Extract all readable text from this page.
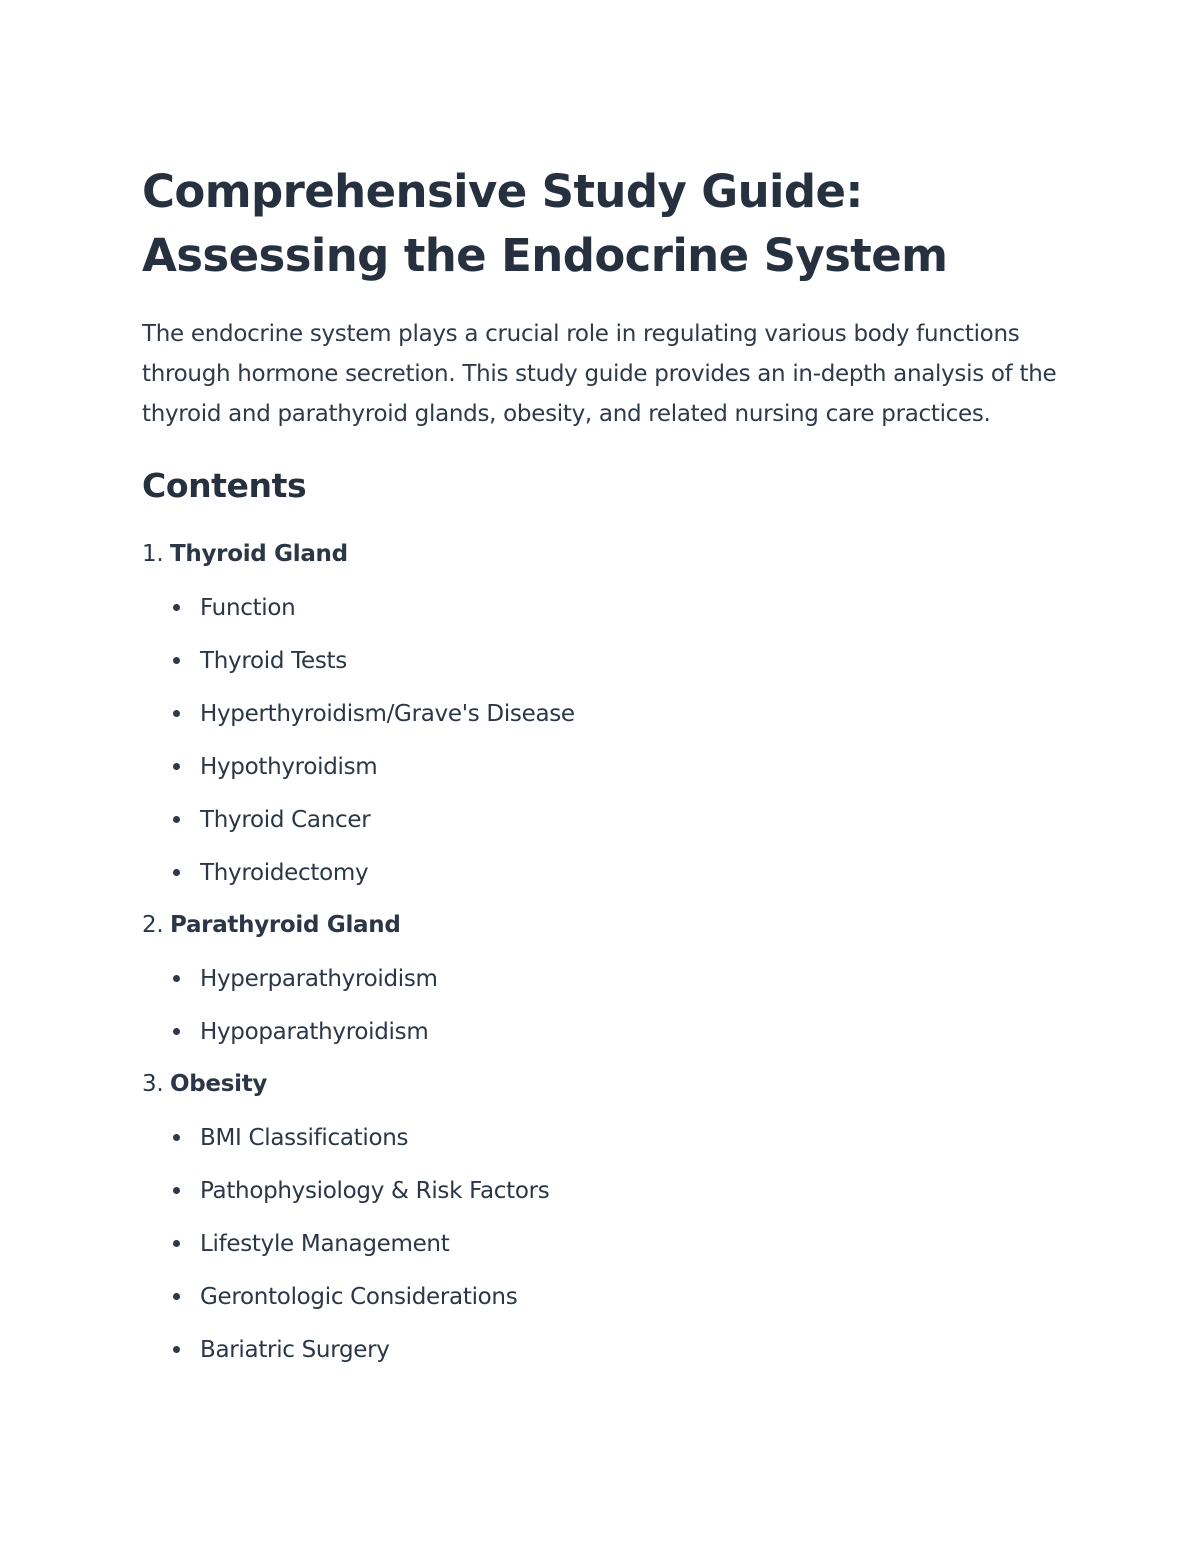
Comprehensive Study Guide: Assessing the Endocrine System

The endocrine system plays a crucial role in regulating various body functions through hormone secretion. This study guide provides an in-depth analysis of the thyroid and parathyroid glands, obesity, and related nursing care practices.

Contents
1. Thyroid Gland
Function
Thyroid Tests
Hyperthyroidism/Grave's Disease
Hypothyroidism
Thyroid Cancer
Thyroidectomy
2. Parathyroid Gland
Hyperparathyroidism
Hypoparathyroidism
3. Obesity
BMI Classifications
Pathophysiology & Risk Factors
Lifestyle Management
Gerontologic Considerations
Bariatric Surgery
